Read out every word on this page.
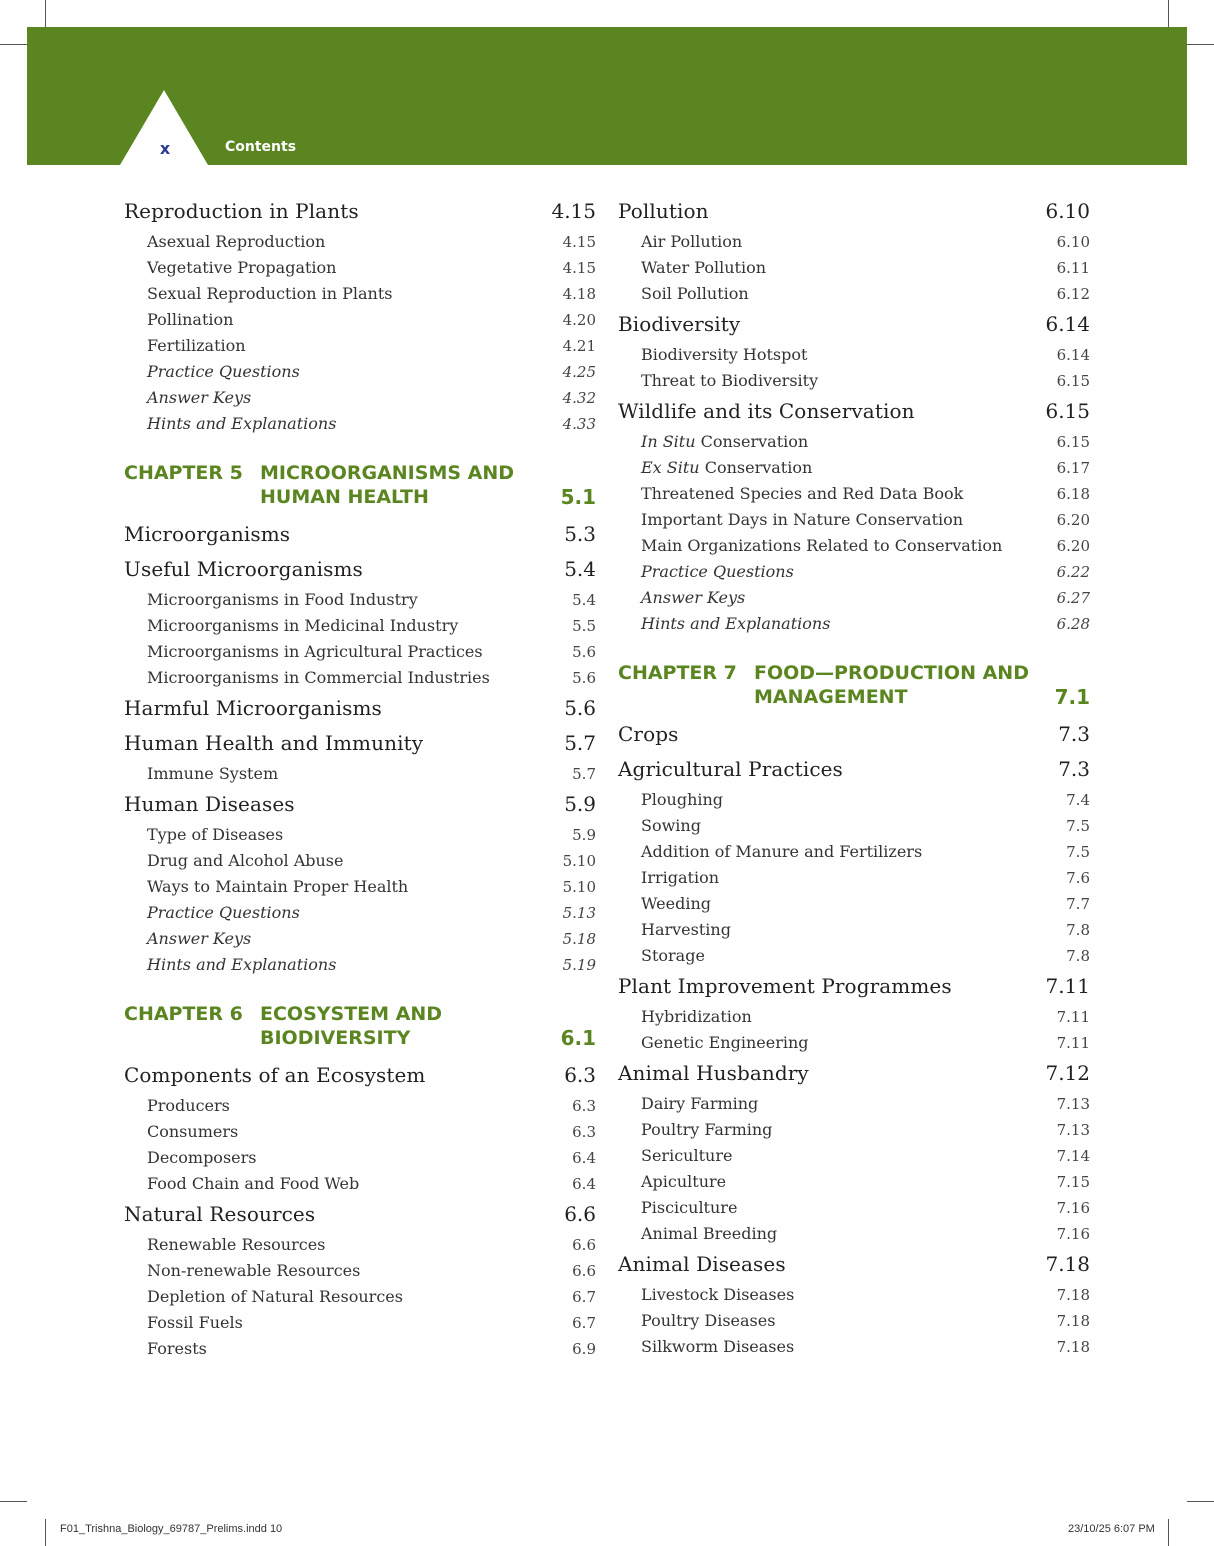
x	Contents
Reproduction in Plants	4.15
Asexual Reproduction	4.15
Vegetative Propagation	4.15
Sexual Reproduction in Plants	4.18
Pollination	4.20
Fertilization	4.21
Practice Questions	4.25
Answer Keys	4.32
Hints and Explanations	4.33
CHAPTER 5 MICROORGANISMS AND HUMAN HEALTH	5.1
Microorganisms	5.3
Useful Microorganisms	5.4
Microorganisms in Food Industry	5.4
Microorganisms in Medicinal Industry	5.5
Microorganisms in Agricultural Practices	5.6
Microorganisms in Commercial Industries	5.6
Harmful Microorganisms	5.6
Human Health and Immunity	5.7
Immune System	5.7
Human Diseases	5.9
Type of Diseases	5.9
Drug and Alcohol Abuse	5.10
Ways to Maintain Proper Health	5.10
Practice Questions	5.13
Answer Keys	5.18
Hints and Explanations	5.19
CHAPTER 6 ECOSYSTEM AND BIODIVERSITY	6.1
Components of an Ecosystem	6.3
Producers	6.3
Consumers	6.3
Decomposers	6.4
Food Chain and Food Web	6.4
Natural Resources	6.6
Renewable Resources	6.6
Non-renewable Resources	6.6
Depletion of Natural Resources	6.7
Fossil Fuels	6.7
Forests	6.9
Pollution	6.10
Air Pollution	6.10
Water Pollution	6.11
Soil Pollution	6.12
Biodiversity	6.14
Biodiversity Hotspot	6.14
Threat to Biodiversity	6.15
Wildlife and its Conservation	6.15
In Situ Conservation	6.15
Ex Situ Conservation	6.17
Threatened Species and Red Data Book	6.18
Important Days in Nature Conservation	6.20
Main Organizations Related to Conservation	6.20
Practice Questions	6.22
Answer Keys	6.27
Hints and Explanations	6.28
CHAPTER 7 FOOD—PRODUCTION AND MANAGEMENT	7.1
Crops	7.3
Agricultural Practices	7.3
Ploughing	7.4
Sowing	7.5
Addition of Manure and Fertilizers	7.5
Irrigation	7.6
Weeding	7.7
Harvesting	7.8
Storage	7.8
Plant Improvement Programmes	7.11
Hybridization	7.11
Genetic Engineering	7.11
Animal Husbandry	7.12
Dairy Farming	7.13
Poultry Farming	7.13
Sericulture	7.14
Apiculture	7.15
Pisciculture	7.16
Animal Breeding	7.16
Animal Diseases	7.18
Livestock Diseases	7.18
Poultry Diseases	7.18
Silkworm Diseases	7.18
F01_Trishna_Biology_69787_Prelims.indd 10	23/10/25 6:07 PM
